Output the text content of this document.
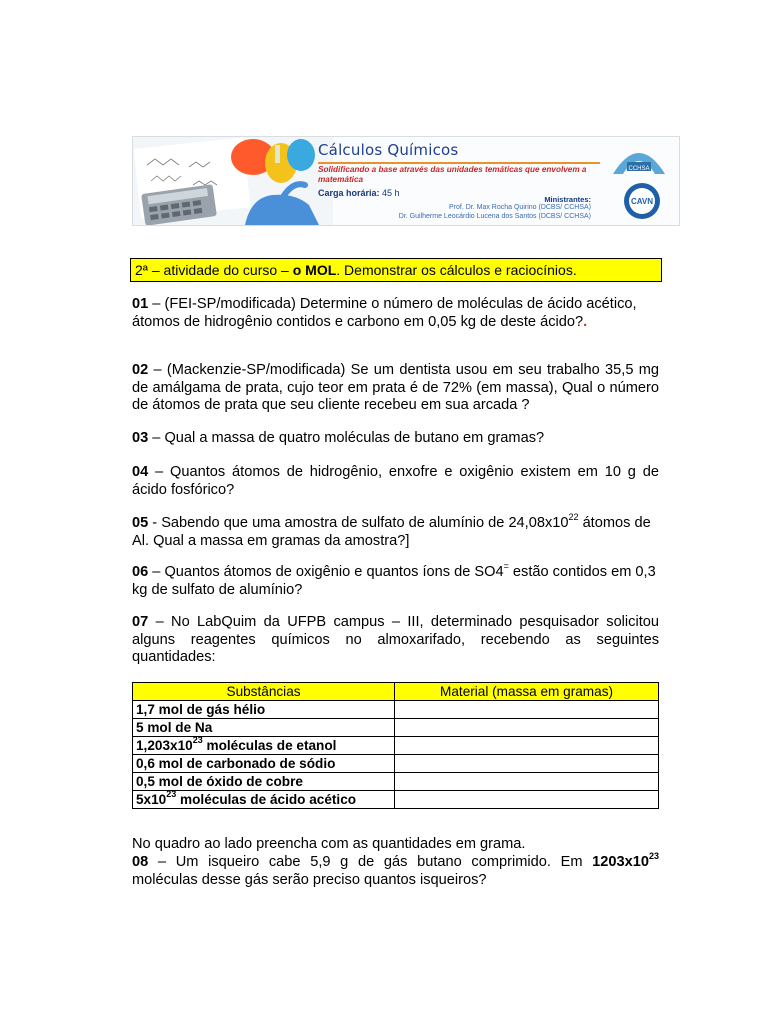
Cálculos Químicos
Solidificando a base através das unidades temáticas que envolvem a matemática
Carga horária: 45 h
Ministrantes:
Prof. Dr. Max Rocha Quirino (DCBS/ CCHSA)
Dr. Guilherme Leocárdio Lucena dos Santos (DCBS/ CCHSA)
CCHSA
CAVN
2ª – atividade do curso – o MOL. Demonstrar os cálculos e raciocínios.
01 – (FEI-SP/modificada) Determine o número de moléculas de ácido acético, átomos de hidrogênio contidos e carbono em 0,05 kg de deste ácido?.
02 – (Mackenzie-SP/modificada) Se um dentista usou em seu trabalho 35,5 mg de amálgama de prata, cujo teor em prata é de 72% (em massa), Qual o número de átomos de prata que seu cliente recebeu em sua arcada ?
03 – Qual a massa de quatro moléculas de butano em gramas?
04 – Quantos átomos de hidrogênio, enxofre e oxigênio existem em 10 g de ácido fosfórico?
05 - Sabendo que uma amostra de sulfato de alumínio de $24,08x10^{22}$ átomos de Al. Qual a massa em gramas da amostra?]
06 – Quantos átomos de oxigênio e quantos íons de SO4= estão contidos em 0,3 kg de sulfato de alumínio?
07 – No LabQuim da UFPB campus – III, determinado pesquisador solicitou alguns reagentes químicos no almoxarifado, recebendo as seguintes quantidades:
Substâncias	Material (massa em gramas)
1,7 mol de gás hélio	
5 mol de Na	
$1,203x10^{23}$ moléculas de etanol	
0,6 mol de carbonado de sódio	
0,5 mol de óxido de cobre	
$5x10^{23}$ moléculas de ácido acético	
No quadro ao lado preencha com as quantidades em grama.
08 – Um isqueiro cabe 5,9 g de gás butano comprimido. Em $1203x10^{23}$ moléculas desse gás serão preciso quantos isqueiros?
